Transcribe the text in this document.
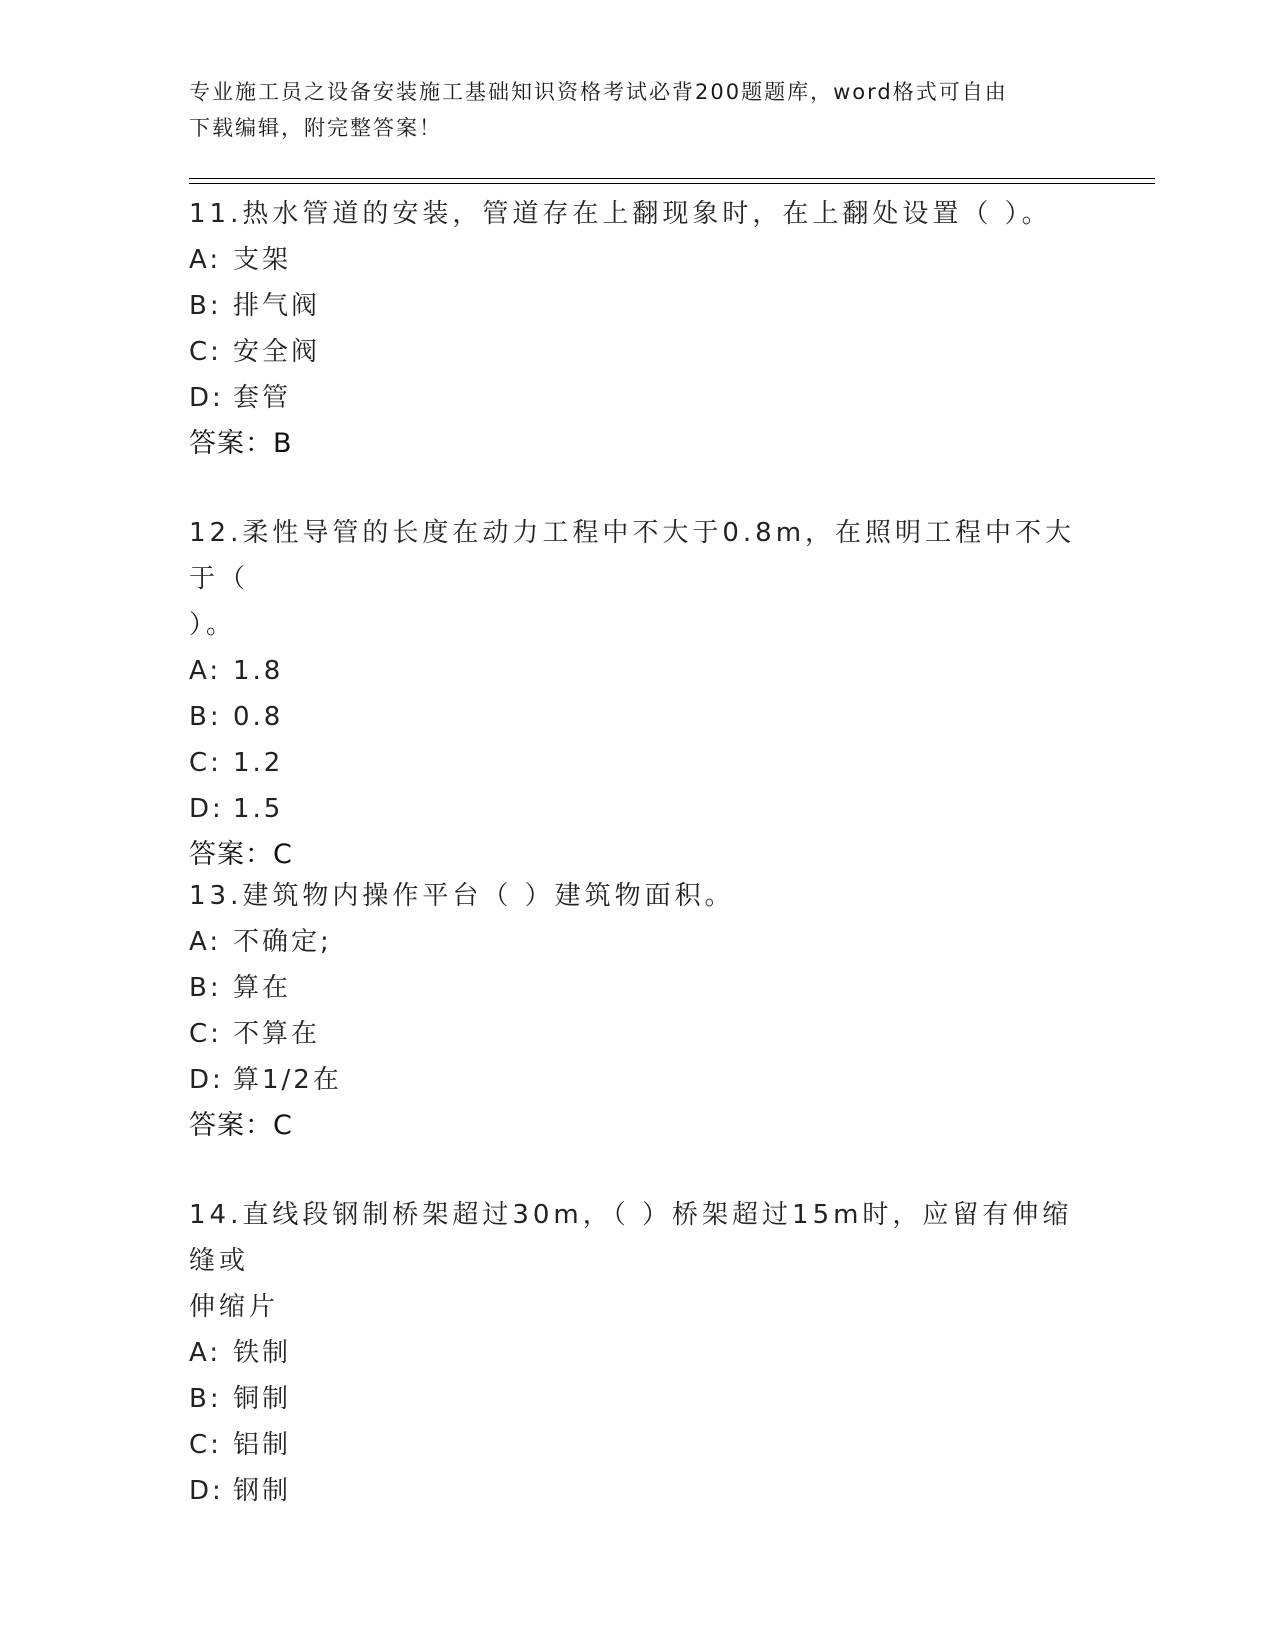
专业施工员之设备安装施工基础知识资格考试必背200题题库，word格式可自由
下载编辑，附完整答案！
11.热水管道的安装，管道存在上翻现象时，在上翻处设置（ ）。
A: 支架
B: 排气阀
C: 安全阀
D: 套管
答案：B
12.柔性导管的长度在动力工程中不大于0.8m，在照明工程中不大于（
）。
A: 1.8
B: 0.8
C: 1.2
D: 1.5
答案：C
13.建筑物内操作平台（ ）建筑物面积。
A: 不确定;
B: 算在
C: 不算在
D: 算1/2在
答案：C
14.直线段钢制桥架超过30m，（ ）桥架超过15m时，应留有伸缩缝或
伸缩片
A: 铁制
B: 铜制
C: 铝制
D: 钢制
